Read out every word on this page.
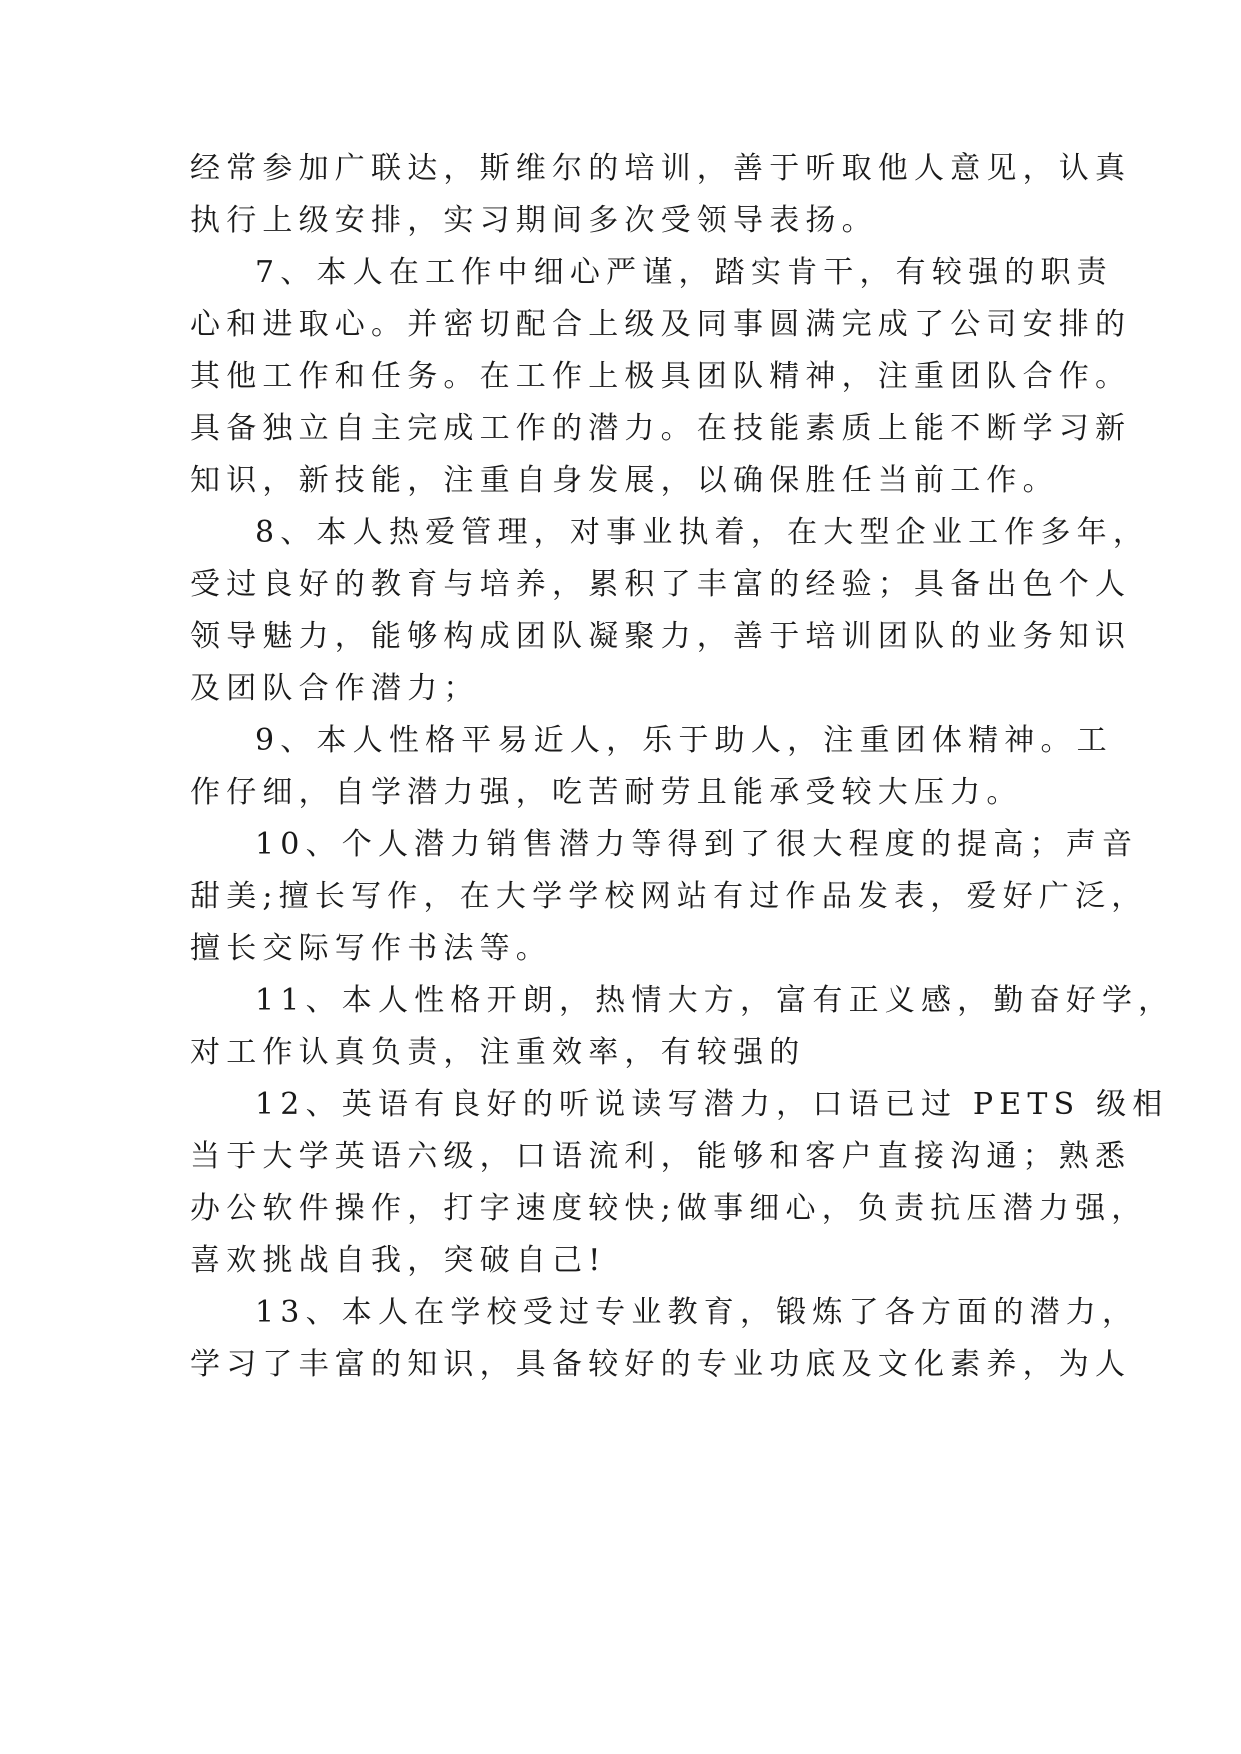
经常参加广联达，斯维尔的培训，善于听取他人意见，认真
执行上级安排，实习期间多次受领导表扬。
7、本人在工作中细心严谨，踏实肯干，有较强的职责
心和进取心。并密切配合上级及同事圆满完成了公司安排的
其他工作和任务。在工作上极具团队精神，注重团队合作。
具备独立自主完成工作的潜力。在技能素质上能不断学习新
知识，新技能，注重自身发展，以确保胜任当前工作。
8、本人热爱管理，对事业执着，在大型企业工作多年，
受过良好的教育与培养，累积了丰富的经验；具备出色个人
领导魅力，能够构成团队凝聚力，善于培训团队的业务知识
及团队合作潜力；
9、本人性格平易近人，乐于助人，注重团体精神。工
作仔细，自学潜力强，吃苦耐劳且能承受较大压力。
10、个人潜力销售潜力等得到了很大程度的提高；声音
甜美;擅长写作，在大学学校网站有过作品发表，爱好广泛，
擅长交际写作书法等。
11、本人性格开朗，热情大方，富有正义感，勤奋好学，
对工作认真负责，注重效率，有较强的
12、英语有良好的听说读写潜力，口语已过 PETS 级相
当于大学英语六级，口语流利，能够和客户直接沟通；熟悉
办公软件操作，打字速度较快;做事细心，负责抗压潜力强，
喜欢挑战自我，突破自己!
13、本人在学校受过专业教育，锻炼了各方面的潜力，
学习了丰富的知识，具备较好的专业功底及文化素养，为人
